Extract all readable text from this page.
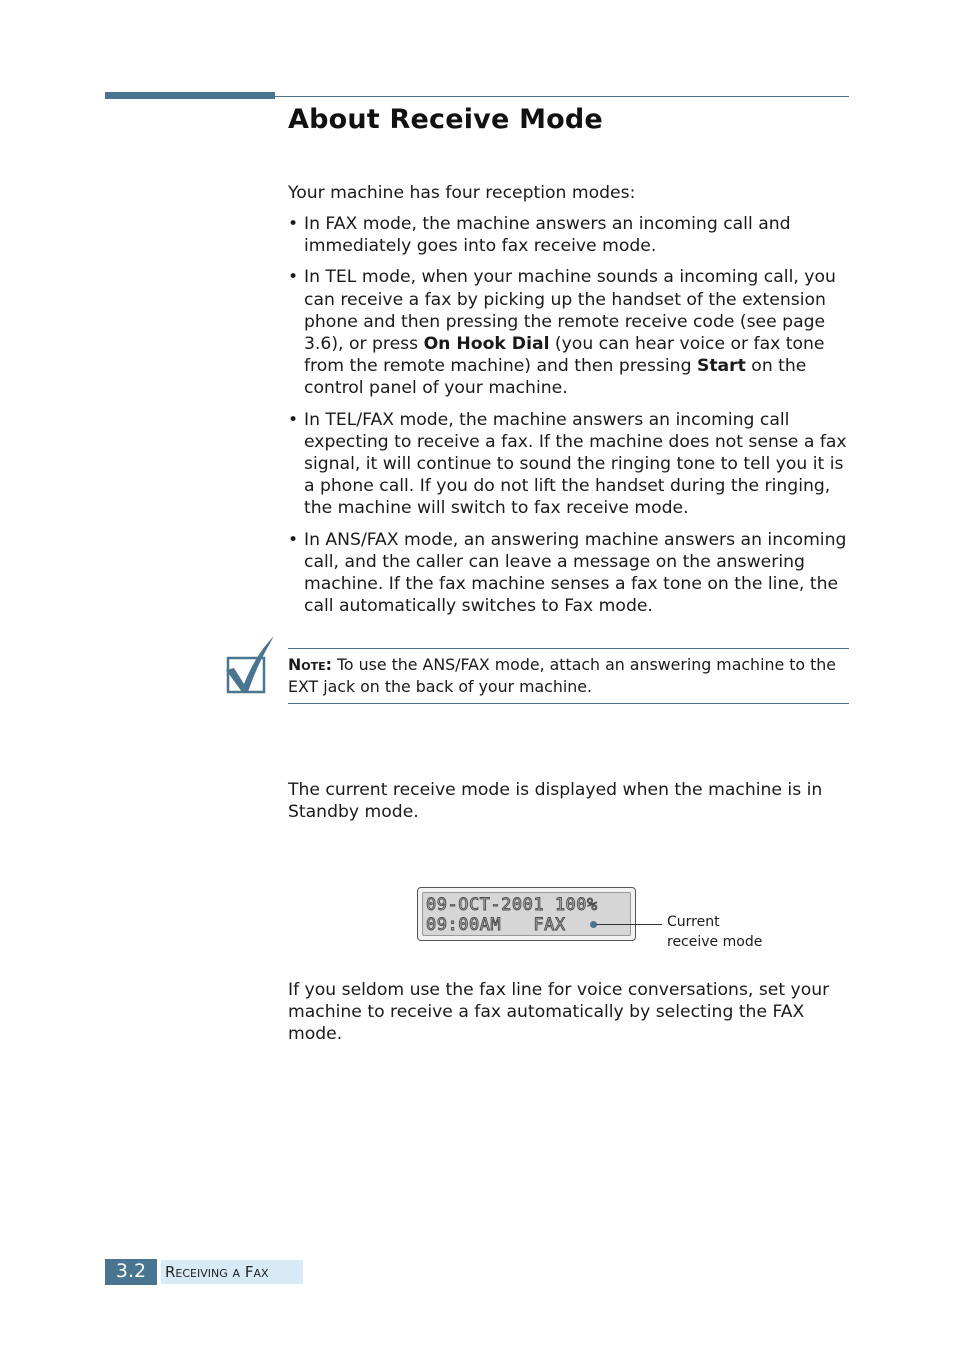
About Receive Mode

Your machine has four reception modes:

• In FAX mode, the machine answers an incoming call and immediately goes into fax receive mode.
• In TEL mode, when your machine sounds a incoming call, you can receive a fax by picking up the handset of the extension phone and then pressing the remote receive code (see page 3.6), or press On Hook Dial (you can hear voice or fax tone from the remote machine) and then pressing Start on the control panel of your machine.
• In TEL/FAX mode, the machine answers an incoming call expecting to receive a fax. If the machine does not sense a fax signal, it will continue to sound the ringing tone to tell you it is a phone call. If you do not lift the handset during the ringing, the machine will switch to fax receive mode.
• In ANS/FAX mode, an answering machine answers an incoming call, and the caller can leave a message on the answering machine. If the fax machine senses a fax tone on the line, the call automatically switches to Fax mode.

Note: To use the ANS/FAX mode, attach an answering machine to the EXT jack on the back of your machine.

The current receive mode is displayed when the machine is in Standby mode.

09-OCT-2001 100%
09:00AM   FAX	Current
receive mode

If you seldom use the fax line for voice conversations, set your machine to receive a fax automatically by selecting the FAX mode.

3.2	Receiving a Fax
